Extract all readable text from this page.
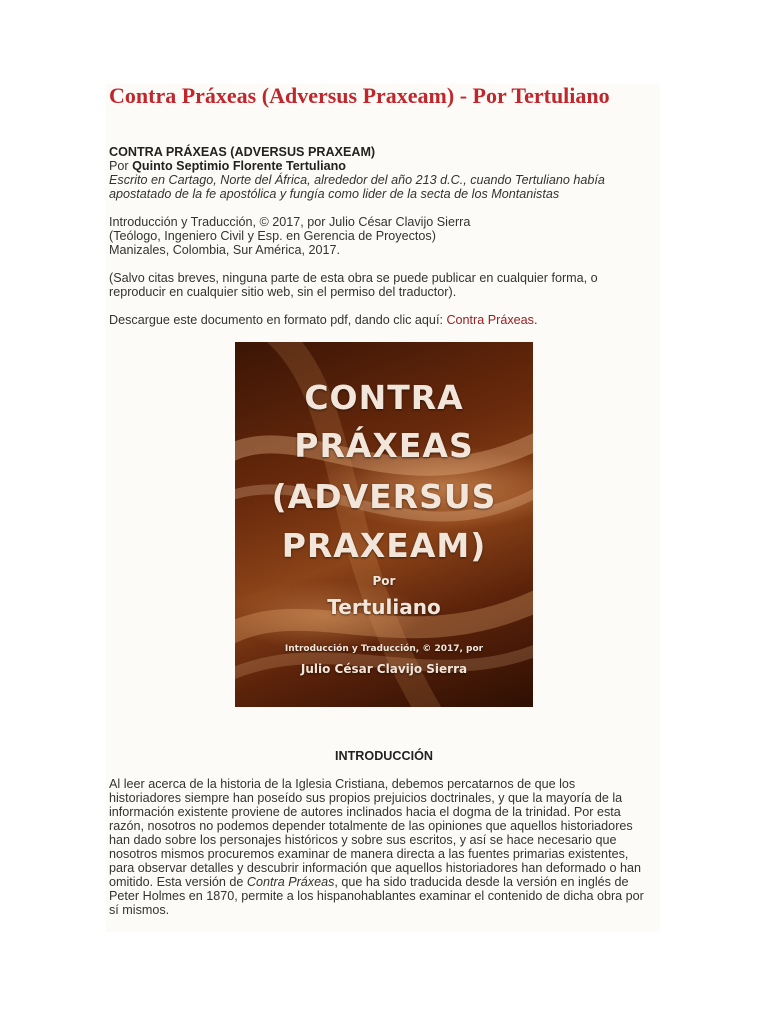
Contra Práxeas (Adversus Praxeam) - Por Tertuliano
CONTRA PRÁXEAS (ADVERSUS PRAXEAM)
Por Quinto Septimio Florente Tertuliano
Escrito en Cartago, Norte del África, alrededor del año 213 d.C., cuando Tertuliano había
apostatado de la fe apostólica y fungía como lider de la secta de los Montanistas
Introducción y Traducción, © 2017, por Julio César Clavijo Sierra
(Teólogo, Ingeniero Civil y Esp. en Gerencia de Proyectos)
Manizales, Colombia, Sur América, 2017.
(Salvo citas breves, ninguna parte de esta obra se puede publicar en cualquier forma, o
reproducir en cualquier sitio web, sin el permiso del traductor).
Descargue este documento en formato pdf, dando clic aquí: Contra Práxeas.
CONTRA
PRÁXEAS
(ADVERSUS
PRAXEAM)
Por
Tertuliano
Introducción y Traducción, © 2017, por
Julio César Clavijo Sierra
INTRODUCCIÓN
Al leer acerca de la historia de la Iglesia Cristiana, debemos percatarnos de que los
historiadores siempre han poseído sus propios prejuicios doctrinales, y que la mayoría de la
información existente proviene de autores inclinados hacia el dogma de la trinidad. Por esta
razón, nosotros no podemos depender totalmente de las opiniones que aquellos historiadores
han dado sobre los personajes históricos y sobre sus escritos, y así se hace necesario que
nosotros mismos procuremos examinar de manera directa a las fuentes primarias existentes,
para observar detalles y descubrir información que aquellos historiadores han deformado o han
omitido. Esta versión de Contra Práxeas, que ha sido traducida desde la versión en inglés de
Peter Holmes en 1870, permite a los hispanohablantes examinar el contenido de dicha obra por
sí mismos.
